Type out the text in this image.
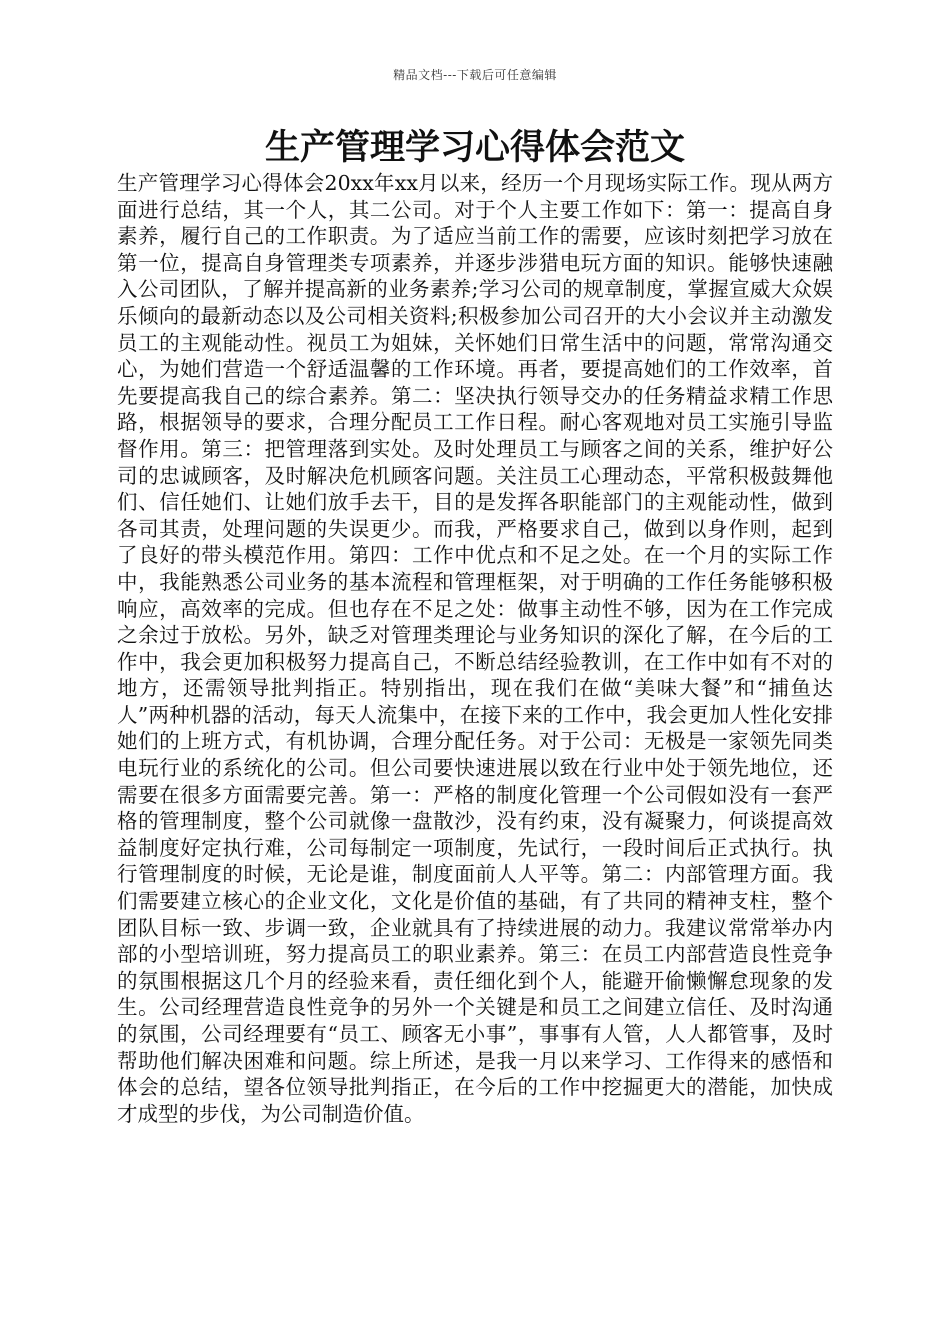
精品文档---下载后可任意编辑
生产管理学习心得体会范文

生产管理学习心得体会20xx年xx月以来，经历一个月现场实际工作。现从两方面进行总结，其一个人，其二公司。对于个人主要工作如下：第一：提高自身素养，履行自己的工作职责。为了适应当前工作的需要，应该时刻把学习放在第一位，提高自身管理类专项素养，并逐步涉猎电玩方面的知识。能够快速融入公司团队，了解并提高新的业务素养;学习公司的规章制度，掌握宣威大众娱乐倾向的最新动态以及公司相关资料;积极参加公司召开的大小会议并主动激发员工的主观能动性。视员工为姐妹，关怀她们日常生活中的问题，常常沟通交心，为她们营造一个舒适温馨的工作环境。再者，要提高她们的工作效率，首先要提高我自己的综合素养。第二：坚决执行领导交办的任务精益求精工作思路，根据领导的要求，合理分配员工工作日程。耐心客观地对员工实施引导监督作用。第三：把管理落到实处。及时处理员工与顾客之间的关系，维护好公司的忠诚顾客，及时解决危机顾客问题。关注员工心理动态，平常积极鼓舞他们、信任她们、让她们放手去干，目的是发挥各职能部门的主观能动性，做到各司其责，处理问题的失误更少。而我，严格要求自己，做到以身作则，起到了良好的带头模范作用。第四：工作中优点和不足之处。在一个月的实际工作中，我能熟悉公司业务的基本流程和管理框架，对于明确的工作任务能够积极响应，高效率的完成。但也存在不足之处：做事主动性不够，因为在工作完成之余过于放松。另外，缺乏对管理类理论与业务知识的深化了解，在今后的工作中，我会更加积极努力提高自己，不断总结经验教训，在工作中如有不对的地方，还需领导批判指正。特别指出，现在我们在做“美味大餐”和“捕鱼达人”两种机器的活动，每天人流集中，在接下来的工作中，我会更加人性化安排她们的上班方式，有机协调，合理分配任务。对于公司：无极是一家领先同类电玩行业的系统化的公司。但公司要快速进展以致在行业中处于领先地位，还需要在很多方面需要完善。第一：严格的制度化管理一个公司假如没有一套严格的管理制度，整个公司就像一盘散沙，没有约束，没有凝聚力，何谈提高效益制度好定执行难，公司每制定一项制度，先试行，一段时间后正式执行。执行管理制度的时候，无论是谁，制度面前人人平等。第二：内部管理方面。我们需要建立核心的企业文化，文化是价值的基础，有了共同的精神支柱，整个团队目标一致、步调一致，企业就具有了持续进展的动力。我建议常常举办内部的小型培训班，努力提高员工的职业素养。第三：在员工内部营造良性竞争的氛围根据这几个月的经验来看，责任细化到个人，能避开偷懒懈怠现象的发生。公司经理营造良性竞争的另外一个关键是和员工之间建立信任、及时沟通的氛围，公司经理要有“员工、顾客无小事”，事事有人管，人人都管事，及时帮助他们解决困难和问题。综上所述，是我一月以来学习、工作得来的感悟和体会的总结，望各位领导批判指正，在今后的工作中挖掘更大的潜能，加快成才成型的步伐，为公司制造价值。
